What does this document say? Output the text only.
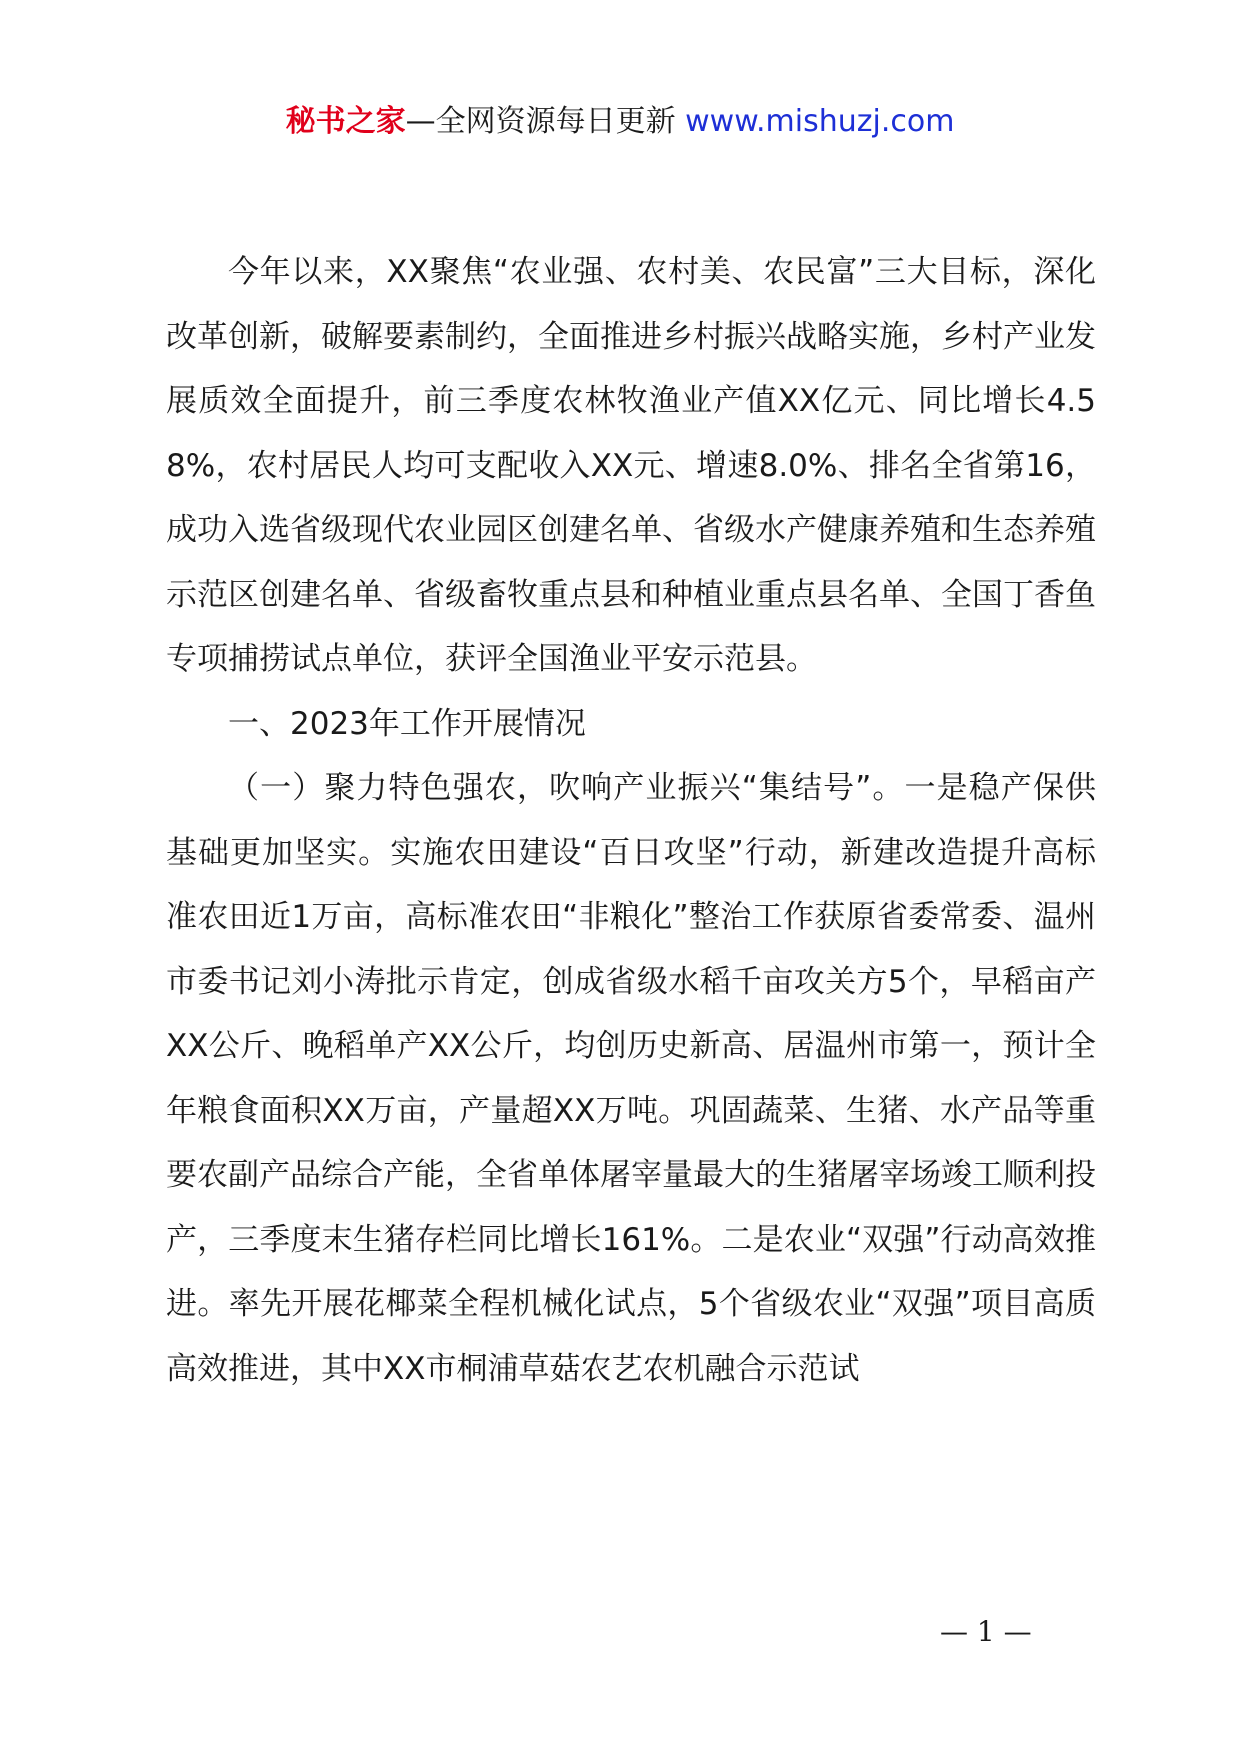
秘书之家—全网资源每日更新 www.mishuzj.com

今年以来，XX聚焦“农业强、农村美、农民富”三大目标，深化改革创新，破解要素制约，全面推进乡村振兴战略实施，乡村产业发展质效全面提升，前三季度农林牧渔业产值XX亿元、同比增长4.58%，农村居民人均可支配收入XX元、增速8.0%、排名全省第16，成功入选省级现代农业园区创建名单、省级水产健康养殖和生态养殖示范区创建名单、省级畜牧重点县和种植业重点县名单、全国丁香鱼专项捕捞试点单位，获评全国渔业平安示范县。

一、2023年工作开展情况

（一）聚力特色强农，吹响产业振兴“集结号”。一是稳产保供基础更加坚实。实施农田建设“百日攻坚”行动，新建改造提升高标准农田近1万亩，高标准农田“非粮化”整治工作获原省委常委、温州市委书记刘小涛批示肯定，创成省级水稻千亩攻关方5个，早稻亩产XX公斤、晚稻单产XX公斤，均创历史新高、居温州市第一，预计全年粮食面积XX万亩，产量超XX万吨。巩固蔬菜、生猪、水产品等重要农副产品综合产能，全省单体屠宰量最大的生猪屠宰场竣工顺利投产，三季度末生猪存栏同比增长161%。二是农业“双强”行动高效推进。率先开展花椰菜全程机械化试点，5个省级农业“双强”项目高质高效推进，其中XX市桐浦草菇农艺农机融合示范试

— 1 —
